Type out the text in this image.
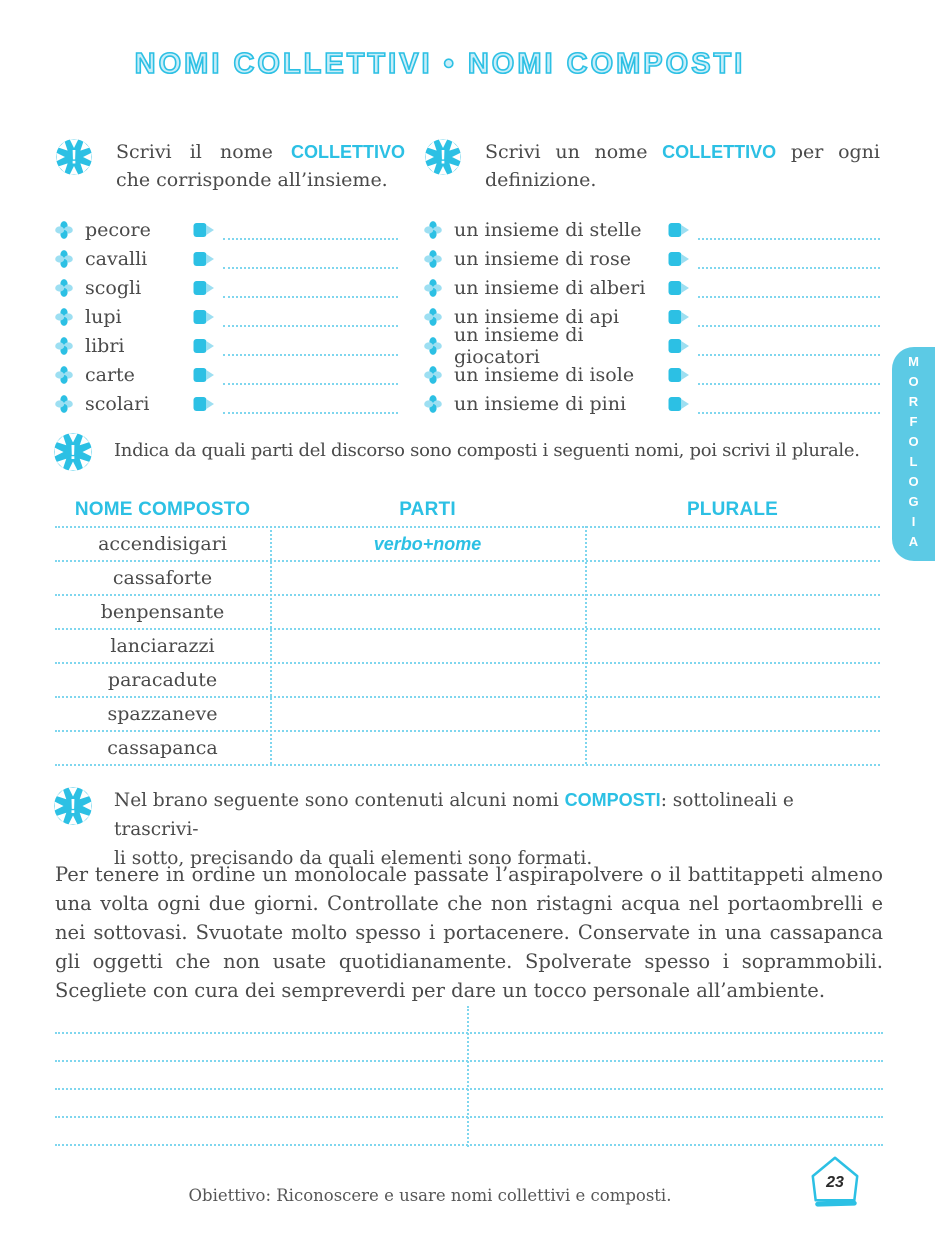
NOMI COLLETTIVI • NOMI COMPOSTI
! Scrivi il nome COLLETTIVO che corrisponde all’insieme.

! Scrivi un nome COLLETTIVO per ogni definizione.

pecore
cavalli
scogli
lupi
libri
carte
scolari
un insieme di stelle
un insieme di rose
un insieme di alberi
un insieme di api
un insieme di giocatori
un insieme di isole
un insieme di pini
! Indica da quali parti del discorso sono composti i seguenti nomi, poi scrivi il plurale.

NOME COMPOSTO	PARTI	PLURALE
accendisigari	verbo+nome
cassaforte
benpensante
lanciarazzi
paracadute
spazzaneve
cassapanca
! Nel brano seguente sono contenuti alcuni nomi COMPOSTI: sottolineali e trascrivi-
li sotto, precisando da quali elementi sono formati.

Per tenere in ordine un monolocale passate l’aspirapolvere o il battitappeti almeno una volta ogni due giorni. Controllate che non ristagni acqua nel portaombrelli e nei sottovasi. Svuotate molto spesso i portacenere. Conservate in una cassapanca gli oggetti che non usate quotidianamente. Spolverate spesso i soprammobili. Scegliete con cura dei sempreverdi per dare un tocco personale all’ambiente.

Obiettivo: Riconoscere e usare nomi collettivi e composti.
23
MORFOLOGIA
